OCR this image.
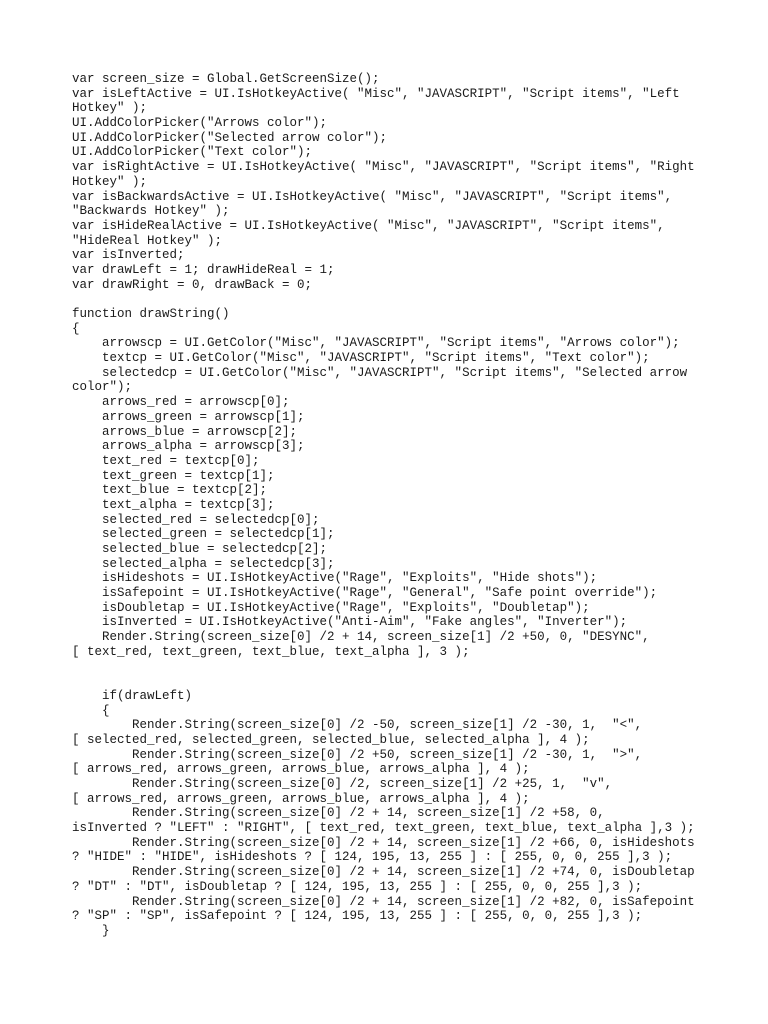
var screen_size = Global.GetScreenSize();
var isLeftActive = UI.IsHotkeyActive( "Misc", "JAVASCRIPT", "Script items", "Left
Hotkey" );
UI.AddColorPicker("Arrows color");
UI.AddColorPicker("Selected arrow color");
UI.AddColorPicker("Text color");
var isRightActive = UI.IsHotkeyActive( "Misc", "JAVASCRIPT", "Script items", "Right
Hotkey" );
var isBackwardsActive = UI.IsHotkeyActive( "Misc", "JAVASCRIPT", "Script items",
"Backwards Hotkey" );
var isHideRealActive = UI.IsHotkeyActive( "Misc", "JAVASCRIPT", "Script items",
"HideReal Hotkey" );
var isInverted;
var drawLeft = 1; drawHideReal = 1;
var drawRight = 0, drawBack = 0;
function drawString()
{
arrowscp = UI.GetColor("Misc", "JAVASCRIPT", "Script items", "Arrows color");
textcp = UI.GetColor("Misc", "JAVASCRIPT", "Script items", "Text color");
selectedcp = UI.GetColor("Misc", "JAVASCRIPT", "Script items", "Selected arrow
color");
arrows_red = arrowscp[0];
arrows_green = arrowscp[1];
arrows_blue = arrowscp[2];
arrows_alpha = arrowscp[3];
text_red = textcp[0];
text_green = textcp[1];
text_blue = textcp[2];
text_alpha = textcp[3];
selected_red = selectedcp[0];
selected_green = selectedcp[1];
selected_blue = selectedcp[2];
selected_alpha = selectedcp[3];
isHideshots = UI.IsHotkeyActive("Rage", "Exploits", "Hide shots");
isSafepoint = UI.IsHotkeyActive("Rage", "General", "Safe point override");
isDoubletap = UI.IsHotkeyActive("Rage", "Exploits", "Doubletap");
isInverted = UI.IsHotkeyActive("Anti-Aim", "Fake angles", "Inverter");
Render.String(screen_size[0] /2 + 14, screen_size[1] /2 +50, 0, "DESYNC",
[ text_red, text_green, text_blue, text_alpha ], 3 );
if(drawLeft)
{
Render.String(screen_size[0] /2 -50, screen_size[1] /2 -30, 1,  "<",
[ selected_red, selected_green, selected_blue, selected_alpha ], 4 );
Render.String(screen_size[0] /2 +50, screen_size[1] /2 -30, 1,  ">",
[ arrows_red, arrows_green, arrows_blue, arrows_alpha ], 4 );
Render.String(screen_size[0] /2, screen_size[1] /2 +25, 1,  "v",
[ arrows_red, arrows_green, arrows_blue, arrows_alpha ], 4 );
Render.String(screen_size[0] /2 + 14, screen_size[1] /2 +58, 0,
isInverted ? "LEFT" : "RIGHT", [ text_red, text_green, text_blue, text_alpha ],3 );
Render.String(screen_size[0] /2 + 14, screen_size[1] /2 +66, 0, isHideshots
? "HIDE" : "HIDE", isHideshots ? [ 124, 195, 13, 255 ] : [ 255, 0, 0, 255 ],3 );
Render.String(screen_size[0] /2 + 14, screen_size[1] /2 +74, 0, isDoubletap
? "DT" : "DT", isDoubletap ? [ 124, 195, 13, 255 ] : [ 255, 0, 0, 255 ],3 );
Render.String(screen_size[0] /2 + 14, screen_size[1] /2 +82, 0, isSafepoint
? "SP" : "SP", isSafepoint ? [ 124, 195, 13, 255 ] : [ 255, 0, 0, 255 ],3 );
}
